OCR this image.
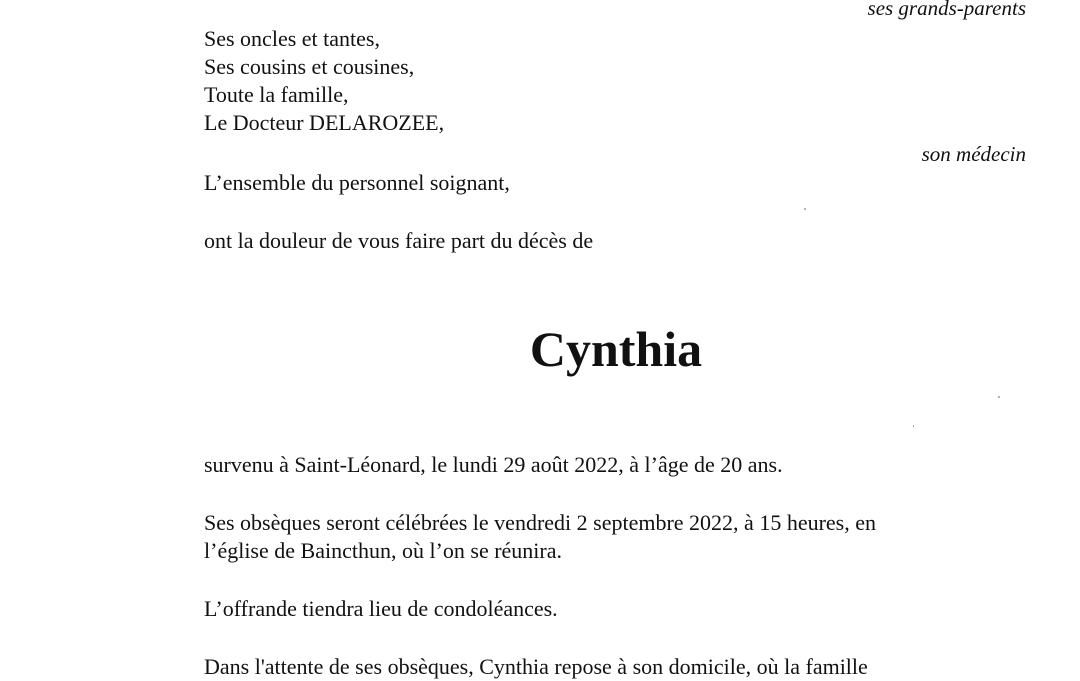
ses grands-parents
Ses oncles et tantes,
Ses cousins et cousines,
Toute la famille,
Le Docteur DELAROZEE,
son médecin
L’ensemble du personnel soignant,
ont la douleur de vous faire part du décès de
Cynthia
survenu à Saint-Léonard, le lundi 29 août 2022, à l’âge de 20 ans.
Ses obsèques seront célébrées le vendredi 2 septembre 2022, à 15 heures, en
l’église de Baincthun, où l’on se réunira.
L’offrande tiendra lieu de condoléances.
Dans l'attente de ses obsèques, Cynthia repose à son domicile, où la famille
